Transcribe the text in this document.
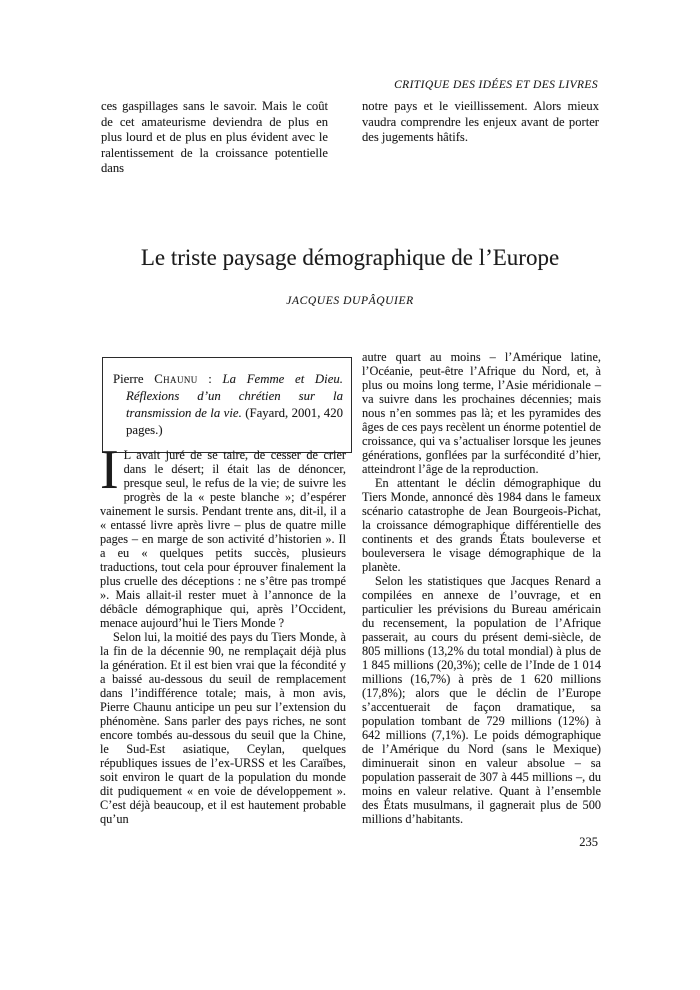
CRITIQUE DES IDÉES ET DES LIVRES
ces gaspillages sans le savoir. Mais le coût de cet amateurisme deviendra de plus en plus lourd et de plus en plus évident avec le ralentissement de la croissance potentielle dans
notre pays et le vieillissement. Alors mieux vaudra comprendre les enjeux avant de porter des jugements hâtifs.
Le triste paysage démographique de l’Europe
JACQUES DUPÂQUIER
Pierre Chaunu : La Femme et Dieu. Réflexions d’un chrétien sur la transmission de la vie. (Fayard, 2001, 420 pages.)

I L avait juré de se taire, de cesser de crier dans le désert; il était las de dénoncer, presque seul, le refus de la vie; de suivre les progrès de la « peste blanche »; d’espérer vainement le sursis. Pendant trente ans, dit-il, il a « entassé livre après livre – plus de quatre mille pages – en marge de son activité d’historien ». Il a eu « quelques petits succès, plusieurs traductions, tout cela pour éprouver finalement la plus cruelle des déceptions : ne s’être pas trompé ». Mais allait-il rester muet à l’annonce de la débâcle démographique qui, après l’Occident, menace aujourd’hui le Tiers Monde ?

Selon lui, la moitié des pays du Tiers Monde, à la fin de la décennie 90, ne remplaçait déjà plus la génération. Et il est bien vrai que la fécondité y a baissé au-dessous du seuil de remplacement dans l’indifférence totale; mais, à mon avis, Pierre Chaunu anticipe un peu sur l’extension du phénomène. Sans parler des pays riches, ne sont encore tombés au-dessous du seuil que la Chine, le Sud-Est asiatique, Ceylan, quelques républiques issues de l’ex-URSS et les Caraïbes, soit environ le quart de la population du monde dit pudiquement « en voie de développement ». C’est déjà beaucoup, et il est hautement probable qu’un

autre quart au moins – l’Amérique latine, l’Océanie, peut-être l’Afrique du Nord, et, à plus ou moins long terme, l’Asie méridionale – va suivre dans les prochaines décennies; mais nous n’en sommes pas là; et les pyramides des âges de ces pays recèlent un énorme potentiel de croissance, qui va s’actualiser lorsque les jeunes générations, gonflées par la surfécondité d’hier, atteindront l’âge de la reproduction.

En attentant le déclin démographique du Tiers Monde, annoncé dès 1984 dans le fameux scénario catastrophe de Jean Bourgeois-Pichat, la croissance démographique différentielle des continents et des grands États bouleverse et bouleversera le visage démographique de la planète.

Selon les statistiques que Jacques Renard a compilées en annexe de l’ouvrage, et en particulier les prévisions du Bureau américain du recensement, la population de l’Afrique passerait, au cours du présent demi-siècle, de 805 millions (13,2% du total mondial) à plus de 1 845 millions (20,3%); celle de l’Inde de 1 014 millions (16,7%) à près de 1 620 millions (17,8%); alors que le déclin de l’Europe s’accentuerait de façon dramatique, sa population tombant de 729 millions (12%) à 642 millions (7,1%). Le poids démographique de l’Amérique du Nord (sans le Mexique) diminuerait sinon en valeur absolue – sa population passerait de 307 à 445 millions –, du moins en valeur relative. Quant à l’ensemble des États musulmans, il gagnerait plus de 500 millions d’habitants.

235
